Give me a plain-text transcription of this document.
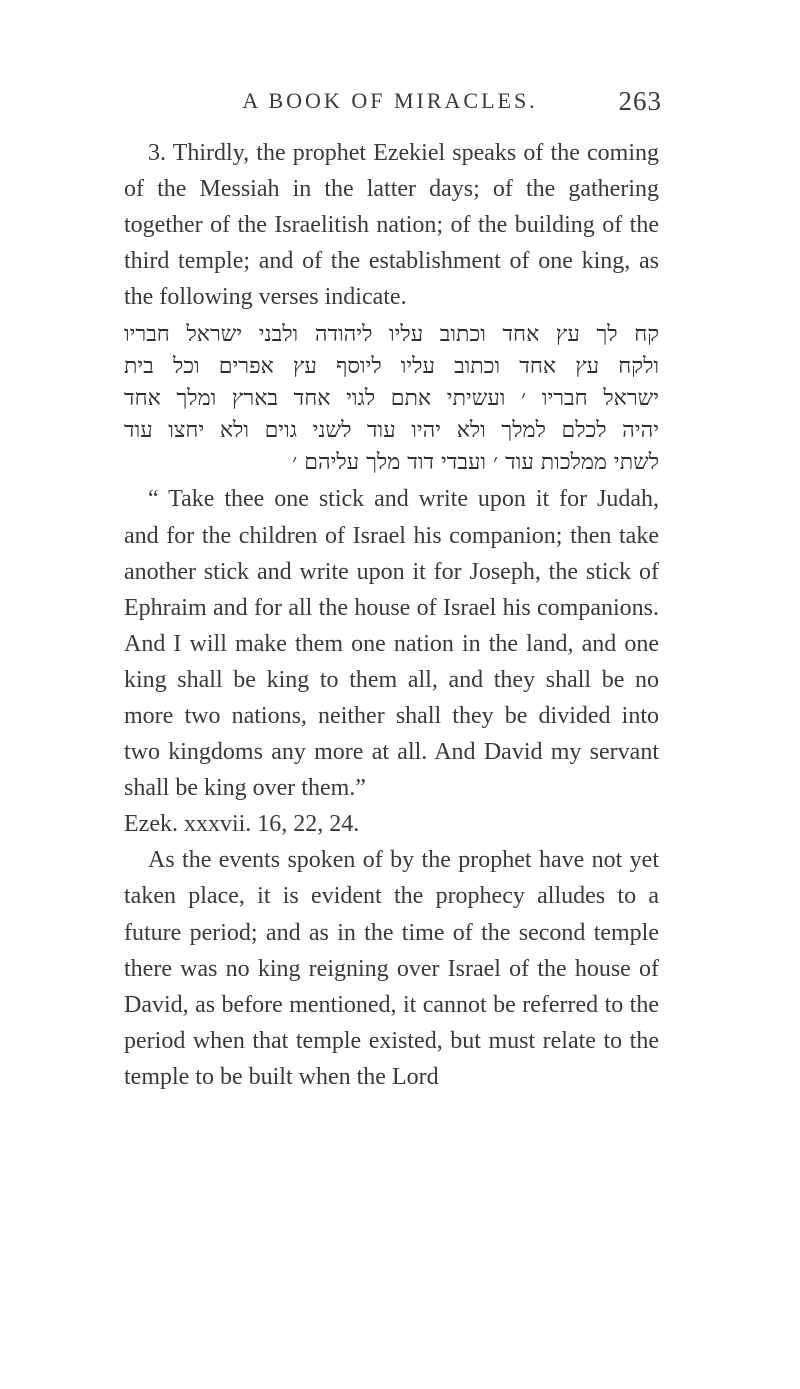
A BOOK OF MIRACLES.	263

3. Thirdly, the prophet Ezekiel speaks of the coming of the Messiah in the latter days; of the gathering together of the Israelitish nation; of the building of the third temple; and of the establishment of one king, as the following verses indicate.

קח לך עץ אחד וכתוב עליו ליהודה ולבני ישראל חבריו
ולקח עץ אחד וכתוב עליו ליוסף עץ אפרים וכל בית
ישראל חבריו ׳ ועשיתי אתם לגוי אחד בארץ ומלך אחד
יהיה לכלם למלך ולא יהיו עוד לשני גוים ולא יחצו עוד
לשתי ממלכות עוד ׳ ועבדי דוד מלך עליהם ׳

“ Take thee one stick and write upon it for Judah, and for the children of Israel his companion; then take another stick and write upon it for Joseph, the stick of Ephraim and for all the house of Israel his companions. And I will make them one nation in the land, and one king shall be king to them all, and they shall be no more two nations, neither shall they be divided into two kingdoms any more at all. And David my servant shall be king over them.”

Ezek. xxxvii. 16, 22, 24.

As the events spoken of by the prophet have not yet taken place, it is evident the prophecy alludes to a future period; and as in the time of the second temple there was no king reigning over Israel of the house of David, as before mentioned, it cannot be referred to the period when that temple existed, but must relate to the temple to be built when the Lord
